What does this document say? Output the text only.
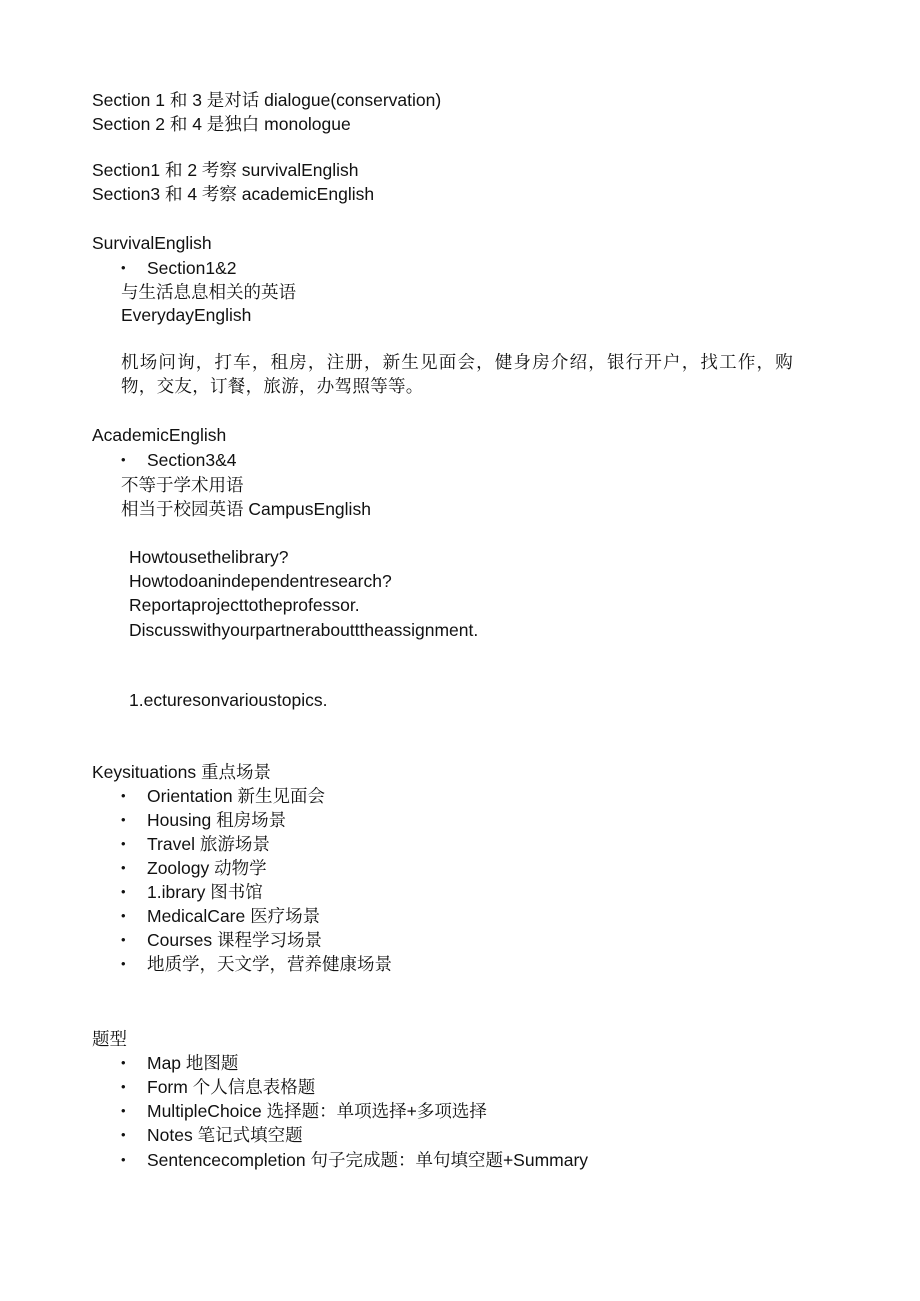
Section 1 和 3 是对话 dialogue(conservation)

Section 2 和 4 是独白 monologue

Section1 和 2 考察 survivalEnglish

Section3 和 4 考察 academicEnglish

SurvivalEnglish

• Section1&2

与生活息息相关的英语

EverydayEnglish

机场问询，打车，租房，注册，新生见面会，健身房介绍，银行开户，找工作，购物，交友，订餐，旅游，办驾照等等。

AcademicEnglish

• Section3&4

不等于学术用语

相当于校园英语 CampusEnglish

Howtousethelibrary?

Howtodoanindependentresearch?

Reportaprojecttotheprofessor.

Discusswithyourpartneraboutttheassignment.

1.ecturesonvarioustopics.

Keysituations 重点场景

• Orientation 新生见面会
• Housing 租房场景
• Travel 旅游场景
• Zoology 动物学
• 1.ibrary 图书馆
• MedicalCare 医疗场景
• Courses 课程学习场景
• 地质学，天文学，营养健康场景

题型

• Map 地图题
• Form 个人信息表格题
• MultipleChoice 选择题：单项选择+多项选择
• Notes 笔记式填空题
• Sentencecompletion 句子完成题：单句填空题+Summary
